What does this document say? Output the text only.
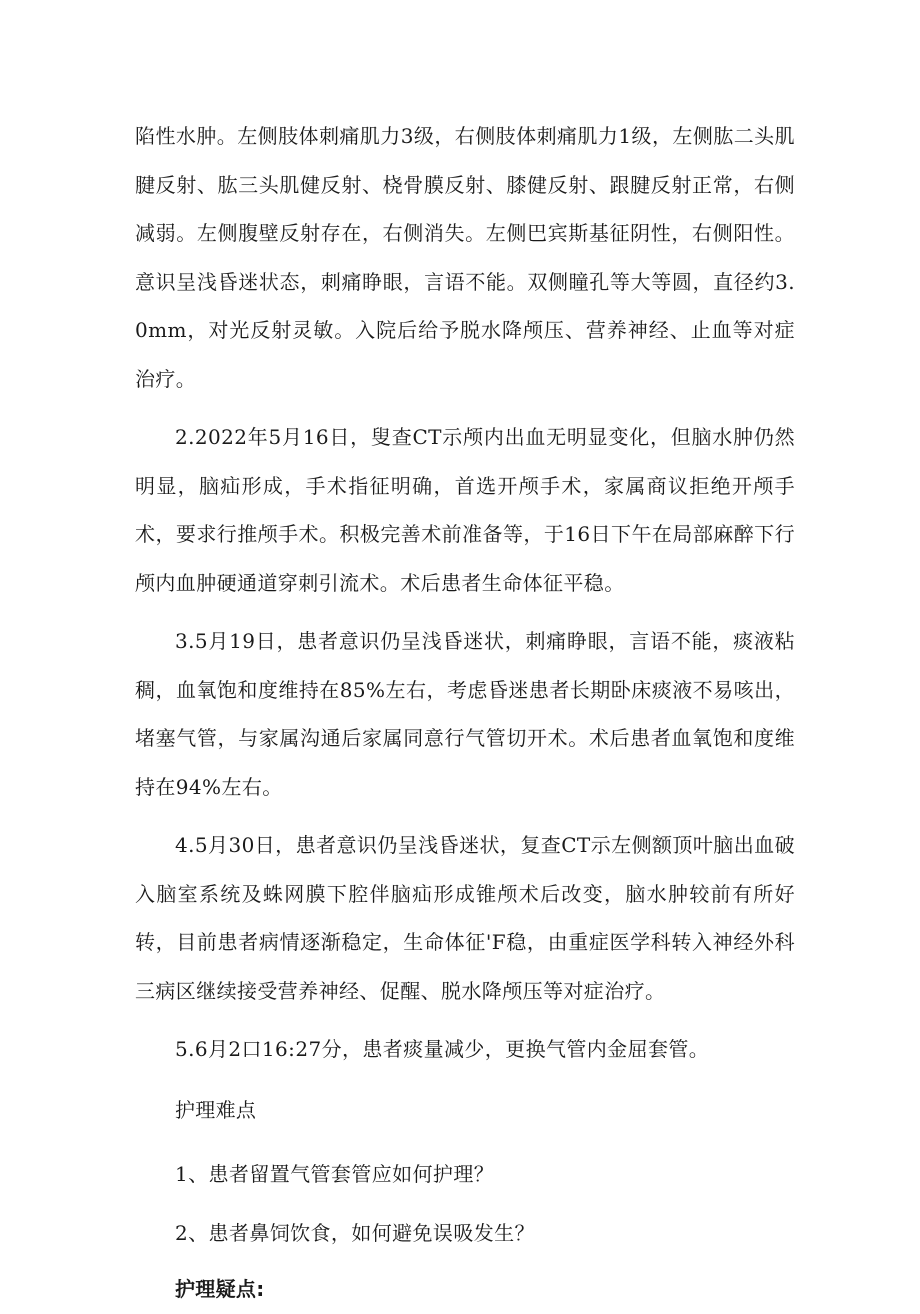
陷性水肿。左侧肢体刺痛肌力3级，右侧肢体刺痛肌力1级，左侧肱二头肌腱反射、肱三头肌健反射、桡骨膜反射、膝健反射、跟腱反射正常，右侧减弱。左侧腹壁反射存在，右侧消失。左侧巴宾斯基征阴性，右侧阳性。意识呈浅昏迷状态，刺痛睁眼，言语不能。双侧瞳孔等大等圆，直径约3.0mm，对光反射灵敏。入院后给予脱水降颅压、营养神经、止血等对症治疗。

2.2022年5月16日，叟查CT示颅内出血无明显变化，但脑水肿仍然明显，脑疝形成，手术指征明确，首选开颅手术，家属商议拒绝开颅手术，要求行推颅手术。积极完善术前准备等，于16日下午在局部麻醉下行颅内血肿硬通道穿刺引流术。术后患者生命体征平稳。

3.5月19日，患者意识仍呈浅昏迷状，刺痛睁眼，言语不能，痰液粘稠，血氧饱和度维持在85%左右，考虑昏迷患者长期卧床痰液不易咳出，堵塞气管，与家属沟通后家属同意行气管切开术。术后患者血氧饱和度维持在94%左右。

4.5月30日，患者意识仍呈浅昏迷状，复查CT示左侧额顶叶脑出血破入脑室系统及蛛网膜下腔伴脑疝形成锥颅术后改变，脑水肿较前有所好转，目前患者病情逐渐稳定，生命体征'F稳，由重症医学科转入神经外科三病区继续接受营养神经、促醒、脱水降颅压等对症治疗。

5.6月2口16:27分，患者痰量减少，更换气管内金屈套管。

护理难点

1、患者留置气管套管应如何护理？

2、患者鼻饲饮食，如何避免误吸发生？

护理疑点:
